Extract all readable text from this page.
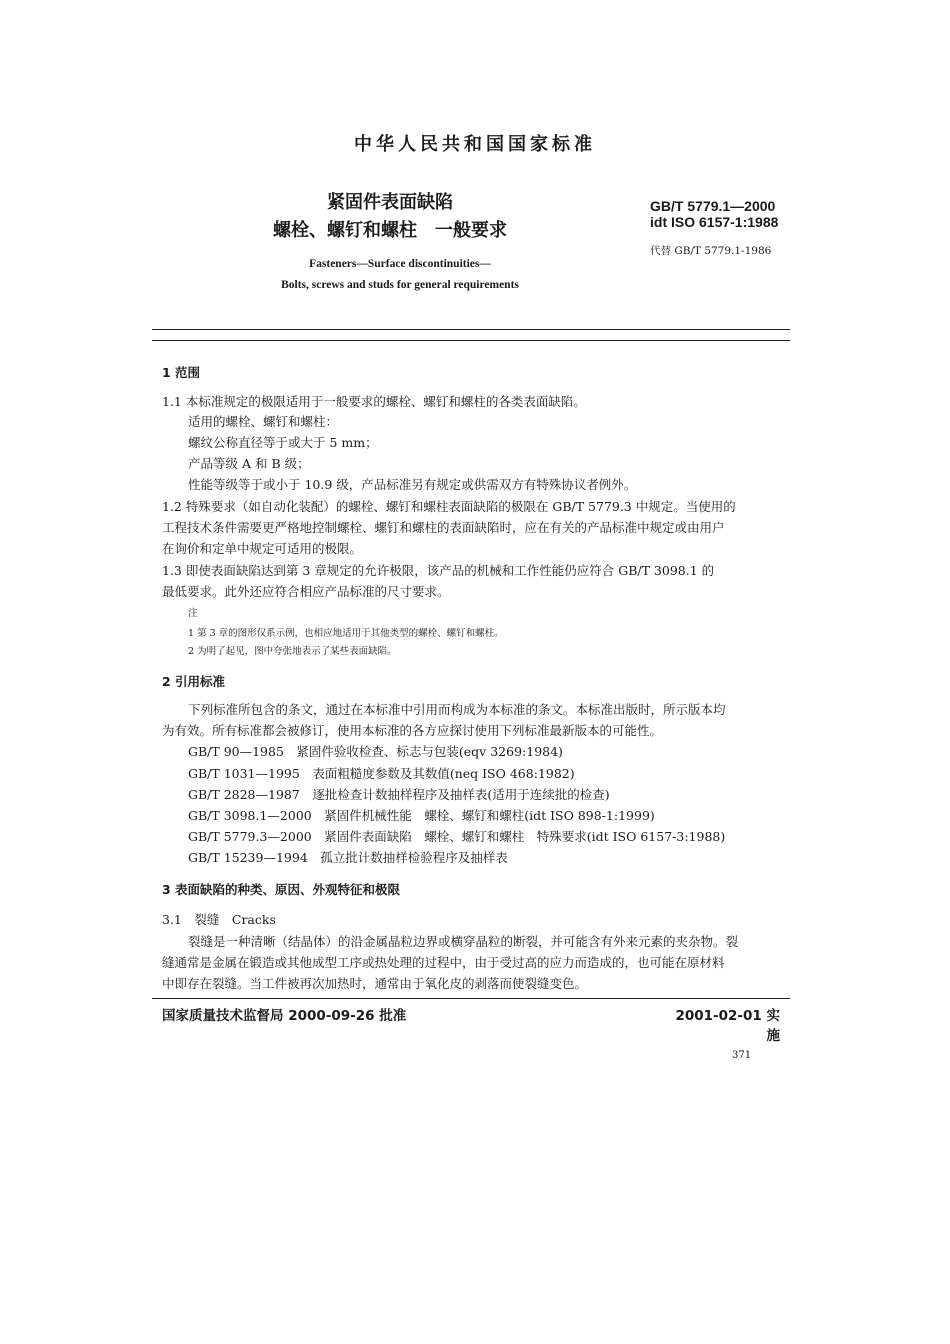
中华人民共和国国家标准
紧固件表面缺陷
螺栓、螺钉和螺柱　一般要求
GB/T 5779.1—2000
idt ISO 6157-1:1988
代替 GB/T 5779.1-1986
Fasteners—Surface discontinuities—
Bolts, screws and studs for general requirements
1 范围
1.1 本标准规定的极限适用于一般要求的螺栓、螺钉和螺柱的各类表面缺陷。
适用的螺栓、螺钉和螺柱：
螺纹公称直径等于或大于 5 mm；
产品等级 A 和 B 级；
性能等级等于或小于 10.9 级，产品标准另有规定或供需双方有特殊协议者例外。
1.2 特殊要求（如自动化装配）的螺栓、螺钉和螺柱表面缺陷的极限在 GB/T 5779.3 中规定。当使用的
工程技术条件需要更严格地控制螺栓、螺钉和螺柱的表面缺陷时，应在有关的产品标准中规定或由用户
在询价和定单中规定可适用的极限。
1.3 即使表面缺陷达到第 3 章规定的允许极限，该产品的机械和工作性能仍应符合 GB/T 3098.1 的
最低要求。此外还应符合相应产品标准的尺寸要求。
注
1 第 3 章的图形仅系示例，也相应地适用于其他类型的螺栓、螺钉和螺柱。
2 为明了起见，图中夸张地表示了某些表面缺陷。
2 引用标准
下列标准所包含的条文，通过在本标准中引用而构成为本标准的条文。本标准出版时，所示版本均
为有效。所有标准都会被修订，使用本标准的各方应探讨使用下列标准最新版本的可能性。
GB/T 90—1985　紧固件验收检查、标志与包装(eqv 3269:1984)
GB/T 1031—1995　表面粗糙度参数及其数值(neq ISO 468:1982)
GB/T 2828—1987　逐批检查计数抽样程序及抽样表(适用于连续批的检查)
GB/T 3098.1—2000　紧固件机械性能　螺栓、螺钉和螺柱(idt ISO 898-1:1999)
GB/T 5779.3—2000　紧固件表面缺陷　螺栓、螺钉和螺柱　特殊要求(idt ISO 6157-3:1988)
GB/T 15239—1994　孤立批计数抽样检验程序及抽样表
3 表面缺陷的种类、原因、外观特征和极限
3.1　裂缝　Cracks
裂缝是一种清晰（结晶体）的沿金属晶粒边界或横穿晶粒的断裂，并可能含有外来元素的夹杂物。裂
缝通常是金属在锻造或其他成型工序或热处理的过程中，由于受过高的应力而造成的，也可能在原材料
中即存在裂缝。当工件被再次加热时，通常由于氧化皮的剥落而使裂缝变色。
国家质量技术监督局 2000-09-26 批准	2001-02-01 实施
371
